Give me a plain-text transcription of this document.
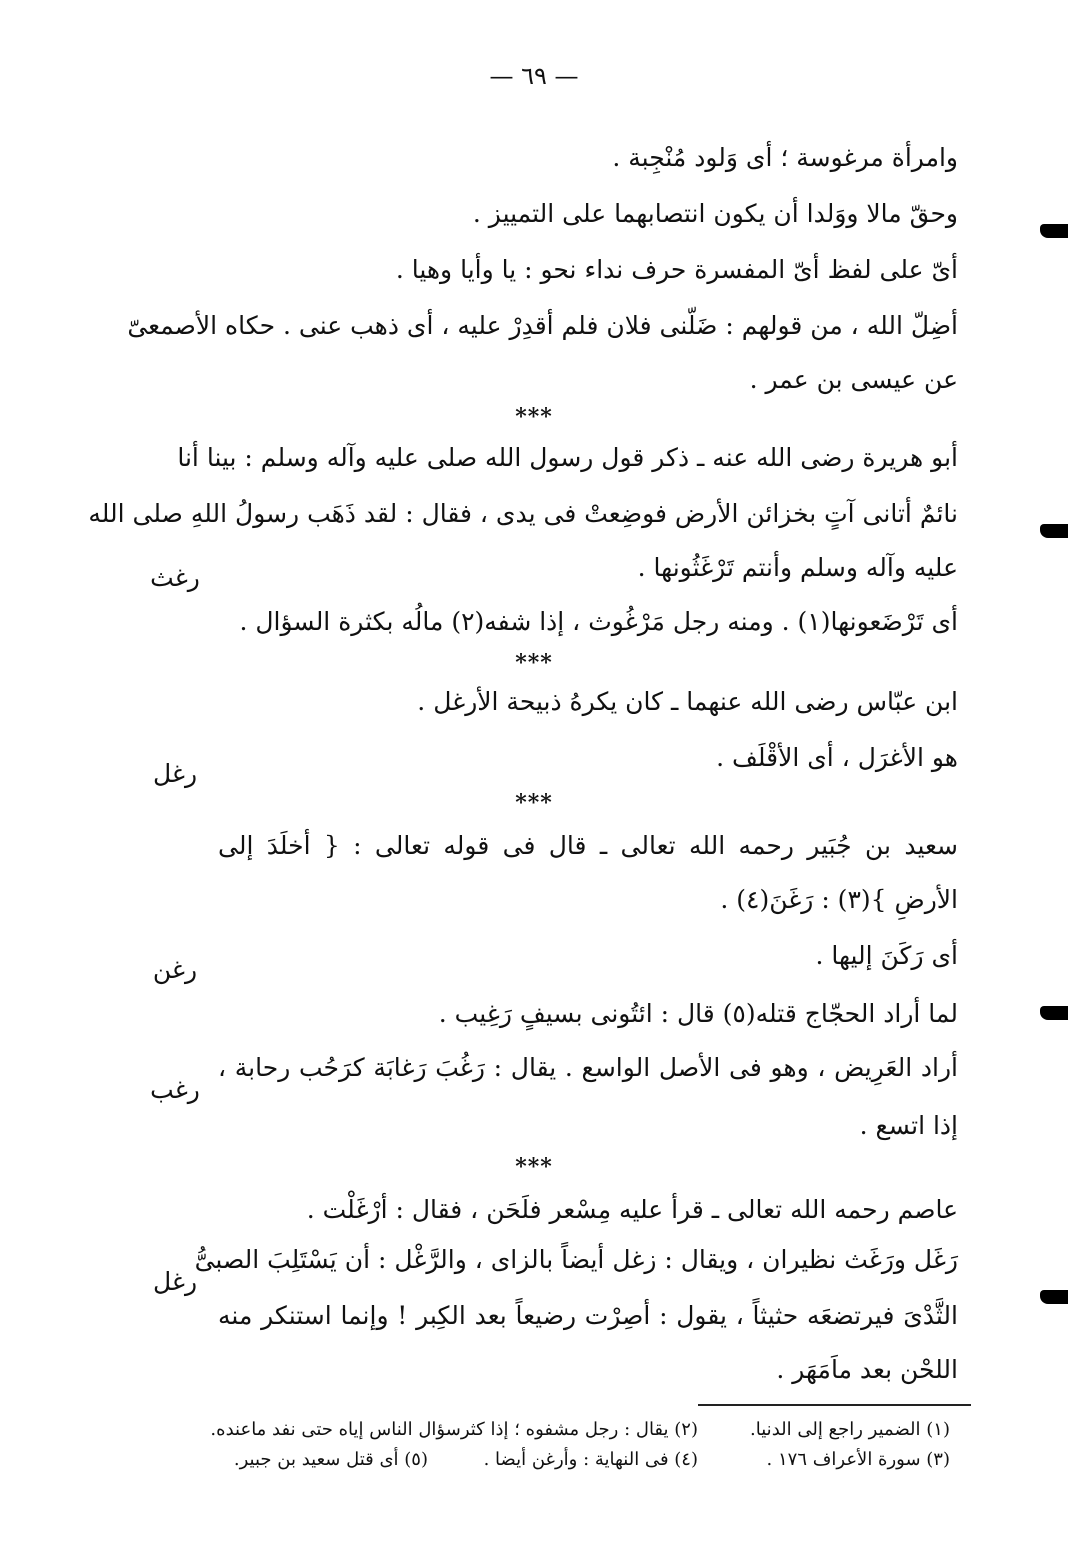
— ٦٩ —
وامرأة مرغوسة ؛ أى وَلود مُنْجِبة .
وحقّ مالا ووَلدا أن يكون انتصابهما على التمييز .
أىّ على لفظ أىّ المفسرة حرف نداء نحو : يا وأيا وهيا .
أضِلّ الله ، من قولهم : ضَلّنى فلان فلم أقدِرْ عليه ، أى ذهب عنى . حكاه الأصمعىّ
عن عيسى بن عمر .
***
أبو هريرة رضى الله عنه ـ ذكر قول رسول الله صلى عليه وآله وسلم : بينا أنا
نائمٌ أتانى آتٍ بخزائن الأرض فوضِعتْ فى يدى ، فقال : لقد ذَهَب رسولُ اللهِ صلى الله
عليه وآله وسلم وأنتم تَرْغَثُونها .
أى تَرْضَعونها(١) . ومنه رجل مَرْغُوث ، إذا شفه(٢) مالُه بكثرة السؤال .
***
ابن عبّاس رضى الله عنهما ـ كان يكرهُ ذبيحة الأرغل .
هو الأغرَل ، أى الأقْلَف .
***
سعيد بن جُبَير رحمه الله تعالى ـ قال فى قوله تعالى : { أخلَدَ إلى
الأرضِ }(٣) : رَغَنَ(٤) .
أى رَكَنَ إليها .
لما أراد الحجّاج قتله(٥) قال : ائتُونى بسيفٍ رَغِيب .
أراد العَرِيض ، وهو فى الأصل الواسع . يقال : رَغُبَ رَغابَة كرَحُب رحابة ،
إذا اتسع .
***
عاصم رحمه الله تعالى ـ قرأ عليه مِسْعر فلَحَن ، فقال : أرْغَلْت .
رَغَل ورَغَث نظيران ، ويقال : زغل أيضاً بالزاى ، والرَّغْل : أن يَسْتَلِبَ الصبىُّ
الثَّدْىَ فيرتضعَه حثيثاً ، يقول : أصِرْت رضيعاً بعد الكِبر ! وإنما استنكر منه
اللحْن بعد ماَمَهَر .
رغث
رغل
رغن
رغب
رغل
(١) الضمير راجع إلى الدنيا.
(٢) يقال : رجل مشفوه ؛ إذا كثرسؤال الناس إياه حتى نفد ماعنده.
(٣) سورة الأعراف ١٧٦ .
(٤) فى النهاية : وأرغن أيضا .
(٥) أى قتل سعيد بن جبير.
